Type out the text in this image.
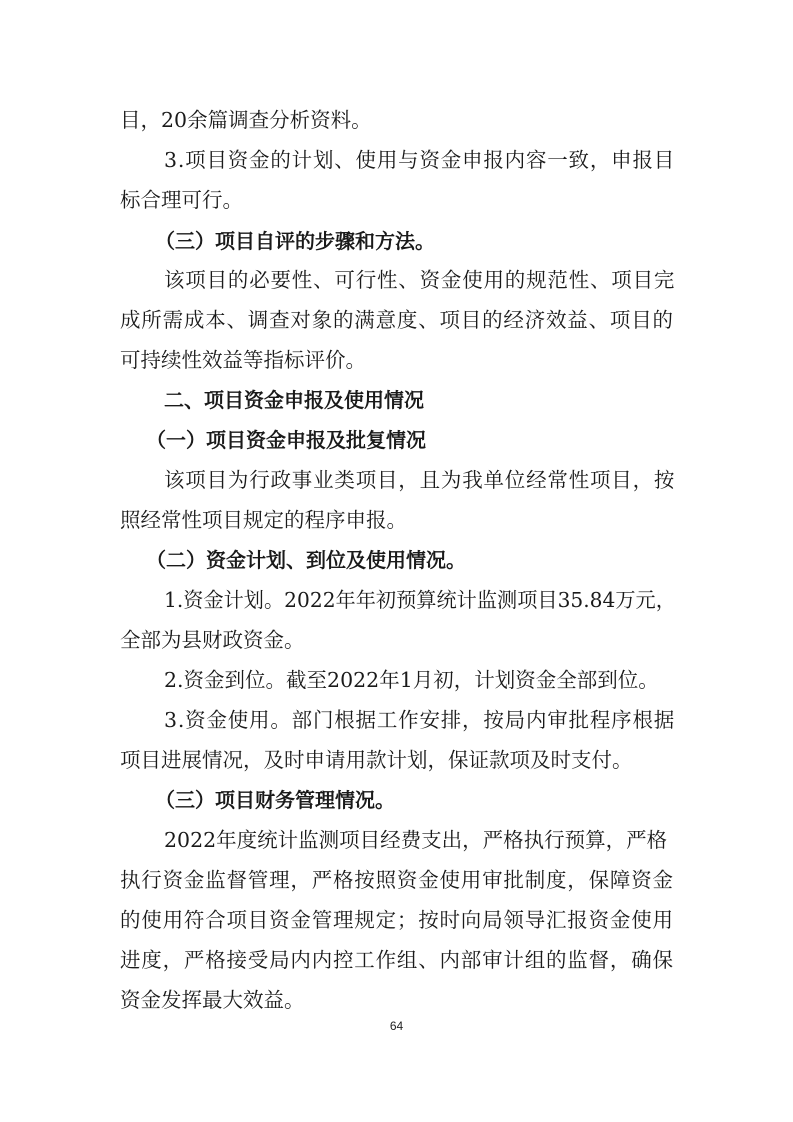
目，20余篇调查分析资料。

3.项目资金的计划、使用与资金申报内容一致，申报目

标合理可行。

（三）项目自评的步骤和方法。

该项目的必要性、可行性、资金使用的规范性、项目完

成所需成本、调查对象的满意度、项目的经济效益、项目的

可持续性效益等指标评价。

二、项目资金申报及使用情况

（一）项目资金申报及批复情况

该项目为行政事业类项目，且为我单位经常性项目，按

照经常性项目规定的程序申报。

（二）资金计划、到位及使用情况。

1.资金计划。2022年年初预算统计监测项目35.84万元，

全部为县财政资金。

2.资金到位。截至2022年1月初，计划资金全部到位。

3.资金使用。部门根据工作安排，按局内审批程序根据

项目进展情况，及时申请用款计划，保证款项及时支付。

（三）项目财务管理情况。

2022年度统计监测项目经费支出，严格执行预算，严格

执行资金监督管理，严格按照资金使用审批制度，保障资金

的使用符合项目资金管理规定；按时向局领导汇报资金使用

进度，严格接受局内内控工作组、内部审计组的监督，确保

资金发挥最大效益。

64
